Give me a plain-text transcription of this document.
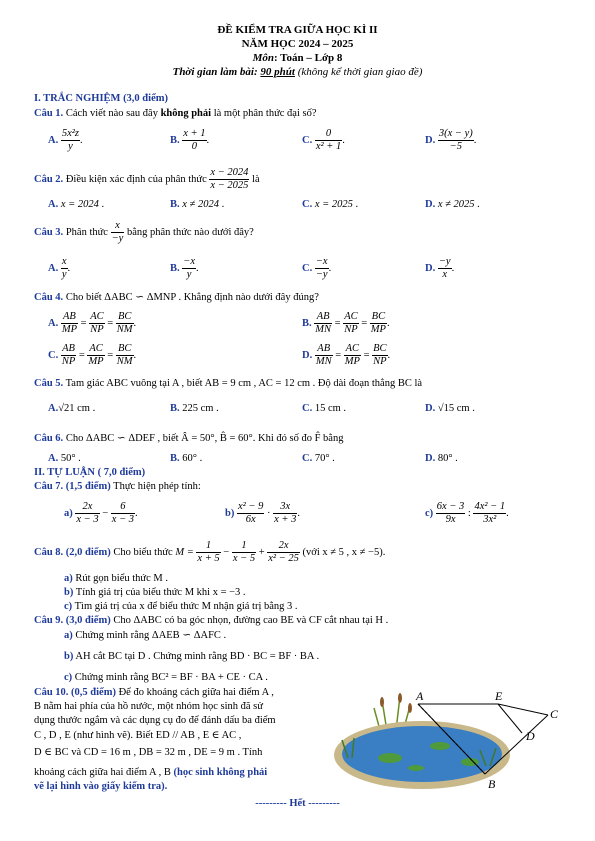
ĐỀ KIỂM TRA GIỮA HỌC KÌ II
NĂM HỌC 2024 – 2025
Môn: Toán – Lớp 8
Thời gian làm bài: 90 phút (không kể thời gian giao đề)
I. TRẮC NGHIỆM (3,0 điểm)
Câu 1. Cách viết nào sau đây không phải là một phân thức đại số?
A. $\frac{\text{5x²z}}{y}$ .	B. $\frac{x + 1}{0}$ .	C. $\frac{0}{\text{x² + 1}}$ .	D. $\frac{3(x - y)}{-5}$ .
Câu 2. Điều kiện xác định của phân thức $\frac{x - 2024}{x - 2025}$ là
A. x = 2024 .	B. x ≠ 2024 .	C. x = 2025 .	D. x ≠ 2025 .
Câu 3. Phân thức $\frac{x}{-y}$ bằng phân thức nào dưới đây?
A. $\frac{x}{y}$ .	B. $\frac{-x}{y}$ .	C. $\frac{-x}{-y}$ .	D. $\frac{-y}{x}$ .
Câu 4. Cho biết ΔABC ∽ ΔMNP . Khẳng định nào dưới đây đúng?
A. $\frac{AB}{MP} = \frac{AC}{NP} = \frac{BC}{NM}$ .	B. $\frac{AB}{MN} = \frac{AC}{NP} = \frac{BC}{MP}$ .
C. $\frac{AB}{NP} = \frac{AC}{MP} = \frac{BC}{NM}$ .	D. $\frac{AB}{MN} = \frac{AC}{MP} = \frac{BC}{NP}$ .
Câu 5. Tam giác ABC vuông tại A , biết AB = 9 cm , AC = 12 cm . Độ dài đoạn thẳng BC là
A.√21 cm .	B. 225 cm .	C. 15 cm .	D. √15 cm .
Câu 6. Cho ΔABC ∽ ΔDEF , biết Â = 50°, B̂ = 60°. Khi đó số đo F̂ bằng
A. 50° .	B. 60° .	C. 70° .	D. 80° .
II. TỰ LUẬN ( 7,0 điểm)
Câu 7. (1,5 điểm) Thực hiện phép tính:
$a) \frac{2x}{x - 3} - \frac{6}{x - 3}$ .	$b) \frac{\text{x² − 9}}{6x} \cdot \frac{3x}{x + 3}$ .	$c) \frac{6x - 3}{9x}$ : $\frac{\text{4x² − 1}}{\text{3x²}}$ .
Câu 8. (2,0 điểm) Cho biểu thức $M = \frac{1}{x + 5} - \frac{1}{x - 5} + \frac{2x}{\text{x² − 25}}$ (với x ≠ 5 , x ≠ −5).
a) Rút gọn biểu thức M .
b) Tính giá trị của biểu thức M khi x = −3 .
c) Tìm giá trị của x để biểu thức M nhận giá trị bằng 3 .
Câu 9. (3,0 điểm) Cho ΔABC có ba góc nhọn, đường cao BE và CF cắt nhau tại H .
a) Chứng minh rằng ΔAEB ∽ ΔAFC .
b) AH cắt BC tại D . Chứng minh rằng BD · BC = BF · BA .
c) Chứng minh rằng BC² = BF · BA + CE · CA .
Câu 10. (0,5 điểm) Để đo khoảng cách giữa hai điểm A ,
B nằm hai phía của hồ nước, một nhóm học sinh đã sử
dụng thước ngắm và các dụng cụ đo để đánh dấu ba điểm
C , D , E (như hình vẽ). Biết ED // AB , E ∈ AC ,
D ∈ BC và CD = 16 m , DB = 32 m , DE = 9 m . Tính
khoảng cách giữa hai điểm A , B (học sinh không phải
vẽ lại hình vào giấy kiểm tra).
A	E
C
D
B
--------- Hết ---------
